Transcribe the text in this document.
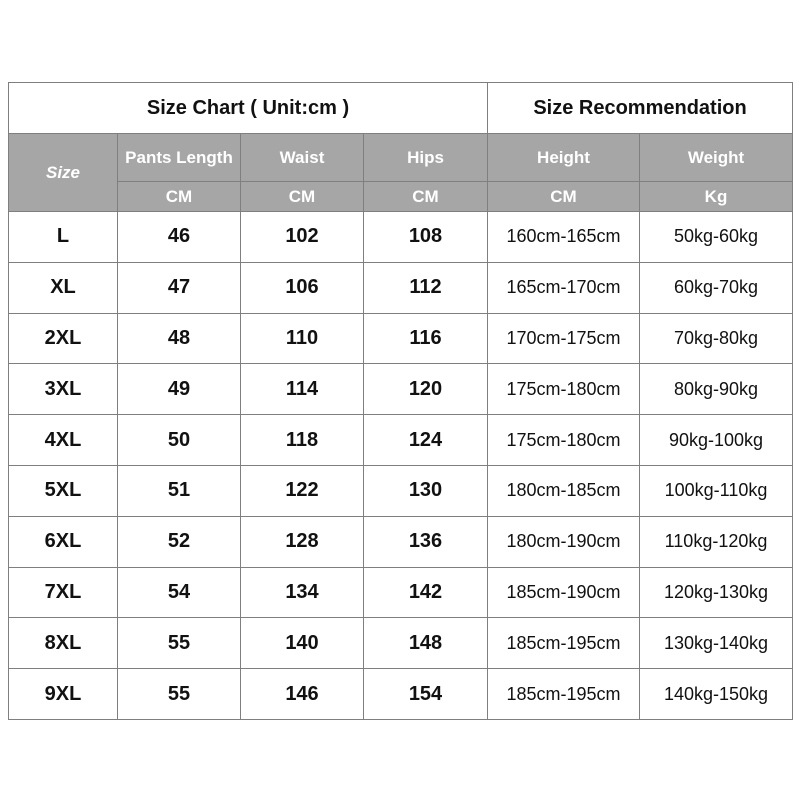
Size Chart ( Unit:cm )				Size Recommendation	
Size	Pants Length	Waist	Hips	Height	Weight
	CM	CM	CM	CM	Kg
L	46	102	108	160cm-165cm	50kg-60kg
XL	47	106	112	165cm-170cm	60kg-70kg
2XL	48	110	116	170cm-175cm	70kg-80kg
3XL	49	114	120	175cm-180cm	80kg-90kg
4XL	50	118	124	175cm-180cm	90kg-100kg
5XL	51	122	130	180cm-185cm	100kg-110kg
6XL	52	128	136	180cm-190cm	110kg-120kg
7XL	54	134	142	185cm-190cm	120kg-130kg
8XL	55	140	148	185cm-195cm	130kg-140kg
9XL	55	146	154	185cm-195cm	140kg-150kg
